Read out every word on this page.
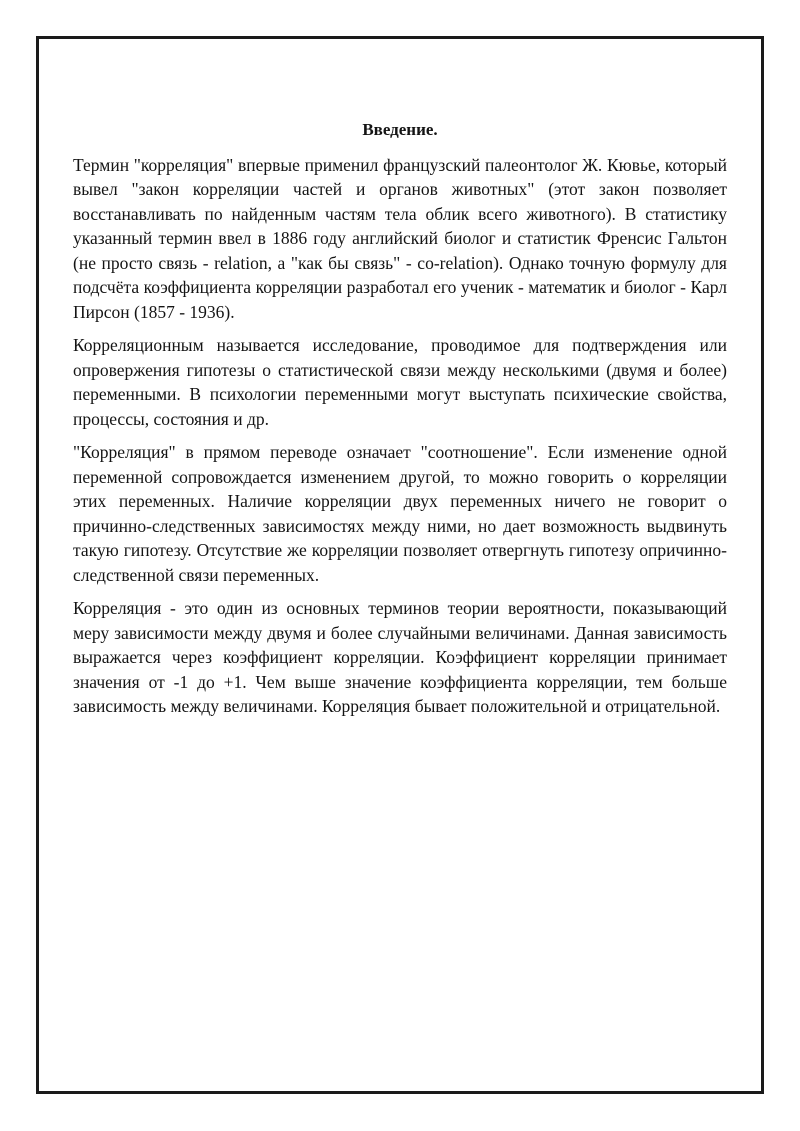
Введение.

Термин "корреляция" впервые применил французский палеонтолог Ж. Кювье, который вывел "закон корреляции частей и органов животных" (этот закон позволяет восстанавливать по найденным частям тела облик всего животного). В статистику указанный термин ввел в 1886 году английский биолог и статистик Френсис Гальтон (не просто связь - relation, а "как бы связь" - co-relation). Однако точную формулу для подсчёта коэффициента корреляции разработал его ученик - математик и биолог - Карл Пирсон (1857 - 1936).

Корреляционным называется исследование, проводимое для подтверждения или опровержения гипотезы о статистической связи между несколькими (двумя и более) переменными. В психологии переменными могут выступать психические свойства, процессы, состояния и др.

"Корреляция" в прямом переводе означает "соотношение". Если изменение одной переменной сопровождается изменением другой, то можно говорить о корреляции этих переменных. Наличие корреляции двух переменных ничего не говорит о причинно-следственных зависимостях между ними, но дает возможность выдвинуть такую гипотезу. Отсутствие же корреляции позволяет отвергнуть гипотезу опричинно-следственной связи переменных.

Корреляция - это один из основных терминов теории вероятности, показывающий меру зависимости между двумя и более случайными величинами. Данная зависимость выражается через коэффициент корреляции. Коэффициент корреляции принимает значения от -1 до +1. Чем выше значение коэффициента корреляции, тем больше зависимость между величинами. Корреляция бывает положительной и отрицательной.
